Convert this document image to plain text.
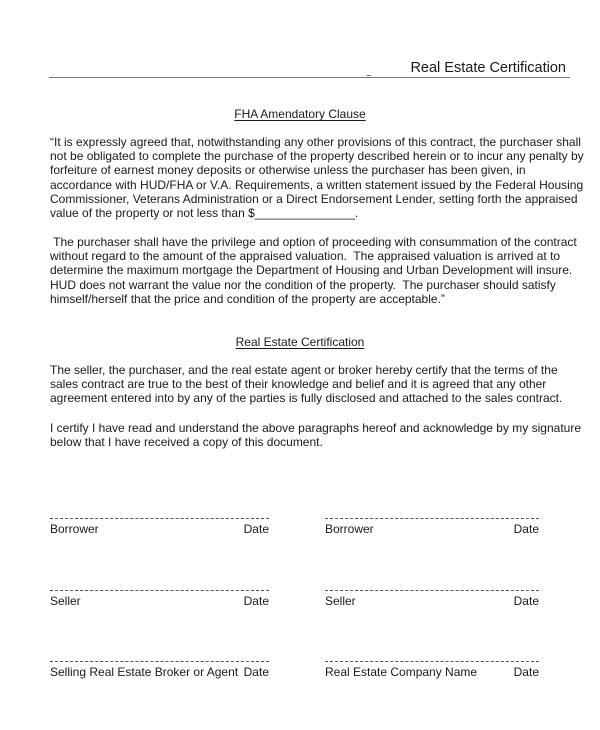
Real Estate Certification
FHA Amendatory Clause
“It is expressly agreed that, notwithstanding any other provisions of this contract, the purchaser shall
not be obligated to complete the purchase of the property described herein or to incur any penalty by
forfeiture of earnest money deposits or otherwise unless the purchaser has been given, in
accordance with HUD/FHA or V.A. Requirements, a written statement issued by the Federal Housing
Commissioner, Veterans Administration or a Direct Endorsement Lender, setting forth the appraised
value of the property or not less than $_______________.
The purchaser shall have the privilege and option of proceeding with consummation of the contract
without regard to the amount of the appraised valuation.  The appraised valuation is arrived at to
determine the maximum mortgage the Department of Housing and Urban Development will insure.
HUD does not warrant the value nor the condition of the property.  The purchaser should satisfy
himself/herself that the price and condition of the property are acceptable.”
Real Estate Certification
The seller, the purchaser, and the real estate agent or broker hereby certify that the terms of the
sales contract are true to the best of their knowledge and belief and it is agreed that any other
agreement entered into by any of the parties is fully disclosed and attached to the sales contract.
I certify I have read and understand the above paragraphs hereof and acknowledge by my signature
below that I have received a copy of this document.
Borrower	Date	Borrower	Date
Seller	Date	Seller	Date
Selling Real Estate Broker or Agent Date	Real Estate Company Name	Date
